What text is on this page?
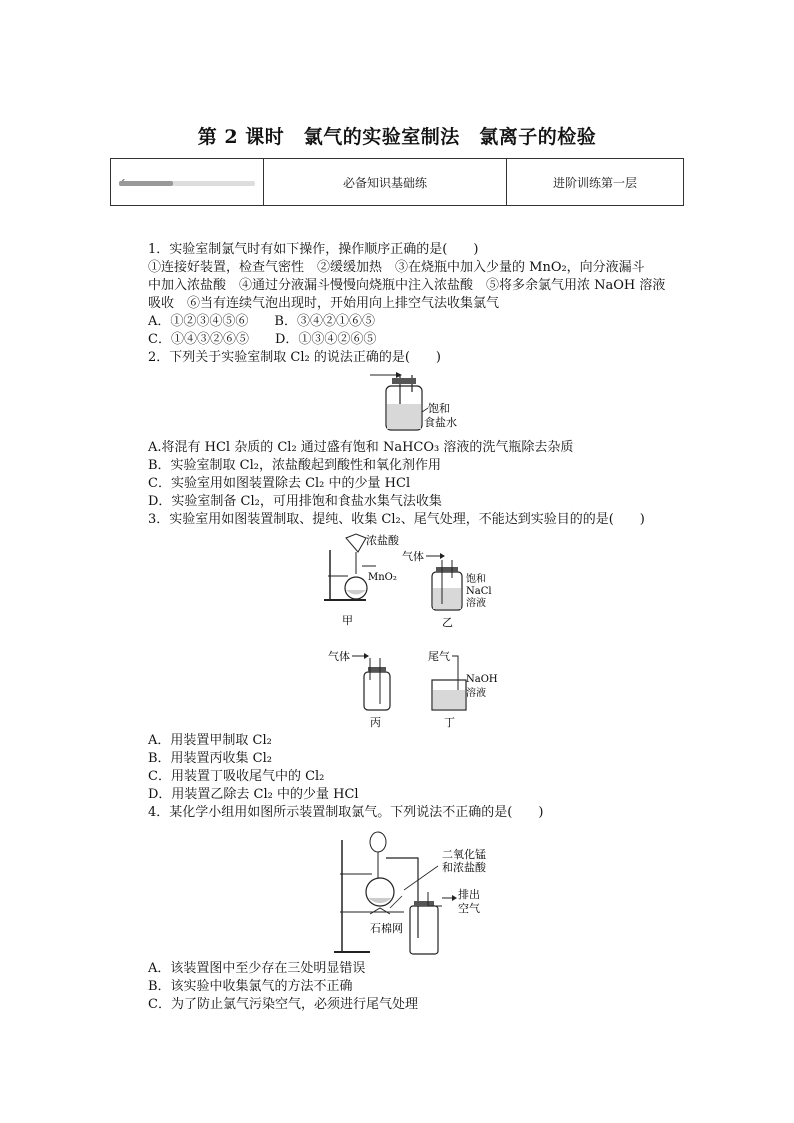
第 2 课时　氯气的实验室制法　氯离子的检验
必备知识基础练	进阶训练第一层
1．实验室制氯气时有如下操作，操作顺序正确的是(　　)
①连接好装置，检查气密性　②缓缓加热　③在烧瓶中加入少量的 MnO₂，向分液漏斗
中加入浓盐酸　④通过分液漏斗慢慢向烧瓶中注入浓盐酸　⑤将多余氯气用浓 NaOH 溶液
吸收　⑥当有连续气泡出现时，开始用向上排空气法收集氯气
A．①②③④⑤⑥　　B．③④②①⑥⑤
C．①④③②⑥⑤　　D．①③④②⑥⑤
2．下列关于实验室制取 Cl₂ 的说法正确的是(　　)
饱和
食盐水
A.将混有 HCl 杂质的 Cl₂ 通过盛有饱和 NaHCO₃ 溶液的洗气瓶除去杂质
B．实验室制取 Cl₂，浓盐酸起到酸性和氧化剂作用
C．实验室用如图装置除去 Cl₂ 中的少量 HCl
D．实验室制备 Cl₂，可用排饱和食盐水集气法收集
3．实验室用如图装置制取、提纯、收集 Cl₂、尾气处理，不能达到实验目的的是(　　)
浓盐酸
MnO₂
甲
气体
饱和
NaCl
溶液
乙
气体
丙
尾气
NaOH
溶液
丁
A．用装置甲制取 Cl₂
B．用装置丙收集 Cl₂
C．用装置丁吸收尾气中的 Cl₂
D．用装置乙除去 Cl₂ 中的少量 HCl
4．某化学小组用如图所示装置制取氯气。下列说法不正确的是(　　)
二氧化锰
和浓盐酸
石棉网
排出
空气
A．该装置图中至少存在三处明显错误
B．该实验中收集氯气的方法不正确
C．为了防止氯气污染空气，必须进行尾气处理
